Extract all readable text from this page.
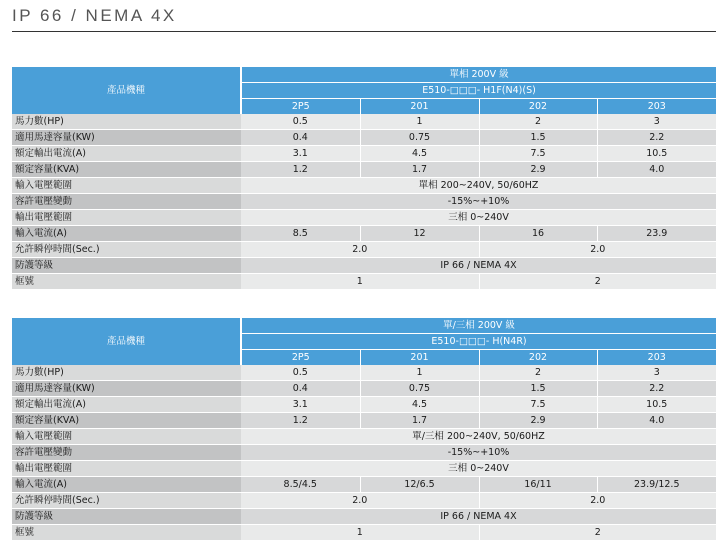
IP 66 / NEMA 4X
產品機種	單相 200V 級			
	E510-□□□- H1F(N4)(S)			
	2P5	201	202	203
馬力數(HP)	0.5	1	2	3
適用馬達容量(KW)	0.4	0.75	1.5	2.2
額定輸出電流(A)	3.1	4.5	7.5	10.5
額定容量(KVA)	1.2	1.7	2.9	4.0
輸入電壓範圍	單相 200~240V, 50/60HZ			
容許電壓變動	-15%~+10%			
輸出電壓範圍	三相 0~240V			
輸入電流(A)	8.5	12	16	23.9
允許瞬停時間(Sec.)	2.0		2.0	
防護等級	IP 66 / NEMA 4X			
框號	1		2	
產品機種	單/三相 200V 級			
	E510-□□□- H(N4R)			
	2P5	201	202	203
馬力數(HP)	0.5	1	2	3
適用馬達容量(KW)	0.4	0.75	1.5	2.2
額定輸出電流(A)	3.1	4.5	7.5	10.5
額定容量(KVA)	1.2	1.7	2.9	4.0
輸入電壓範圍	單/三相 200~240V, 50/60HZ			
容許電壓變動	-15%~+10%			
輸出電壓範圍	三相 0~240V			
輸入電流(A)	8.5/4.5	12/6.5	16/11	23.9/12.5
允許瞬停時間(Sec.)	2.0		2.0	
防護等級	IP 66 / NEMA 4X			
框號	1		2	
